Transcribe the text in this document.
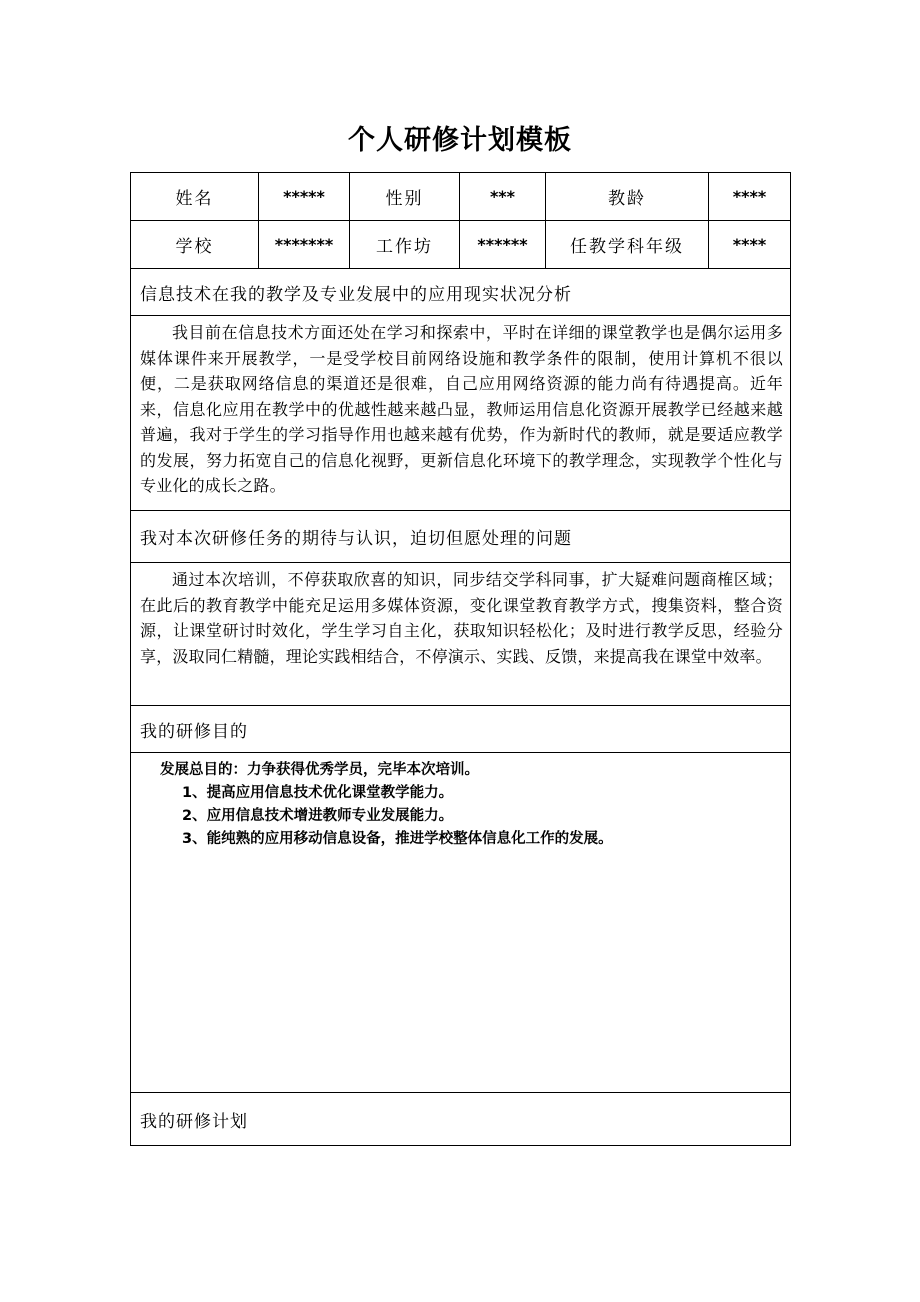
个人研修计划模板
姓名	*****	性别	***	教龄	****
学校	*******	工作坊	******	任教学科年级	****
信息技术在我的教学及专业发展中的应用现实状况分析					

我目前在信息技术方面还处在学习和探索中，平时在详细的课堂教学也是偶尔运用多媒体课件来开展教学，一是受学校目前网络设施和教学条件的限制，使用计算机不很以便，二是获取网络信息的渠道还是很难，自己应用网络资源的能力尚有待遇提高。近年来，信息化应用在教学中的优越性越来越凸显，教师运用信息化资源开展教学已经越来越普遍，我对于学生的学习指导作用也越来越有优势，作为新时代的教师，就是要适应教学的发展，努力拓宽自己的信息化视野，更新信息化环境下的教学理念，实现教学个性化与专业化的成长之路。					

我对本次研修任务的期待与认识，迫切但愿处理的问题					

通过本次培训，不停获取欣喜的知识，同步结交学科同事，扩大疑难问题商榷区域；在此后的教育教学中能充足运用多媒体资源，变化课堂教育教学方式，搜集资料，整合资源，让课堂研讨时效化，学生学习自主化，获取知识轻松化；及时进行教学反思，经验分享，汲取同仁精髓，理论实践相结合，不停演示、实践、反馈，来提高我在课堂中效率。					

我的研修目的					

发展总目的：力争获得优秀学员，完毕本次培训。
1、提高应用信息技术优化课堂教学能力。
2、应用信息技术增进教师专业发展能力。
3、能纯熟的应用移动信息设备，推进学校整体信息化工作的发展。					

我的研修计划					
